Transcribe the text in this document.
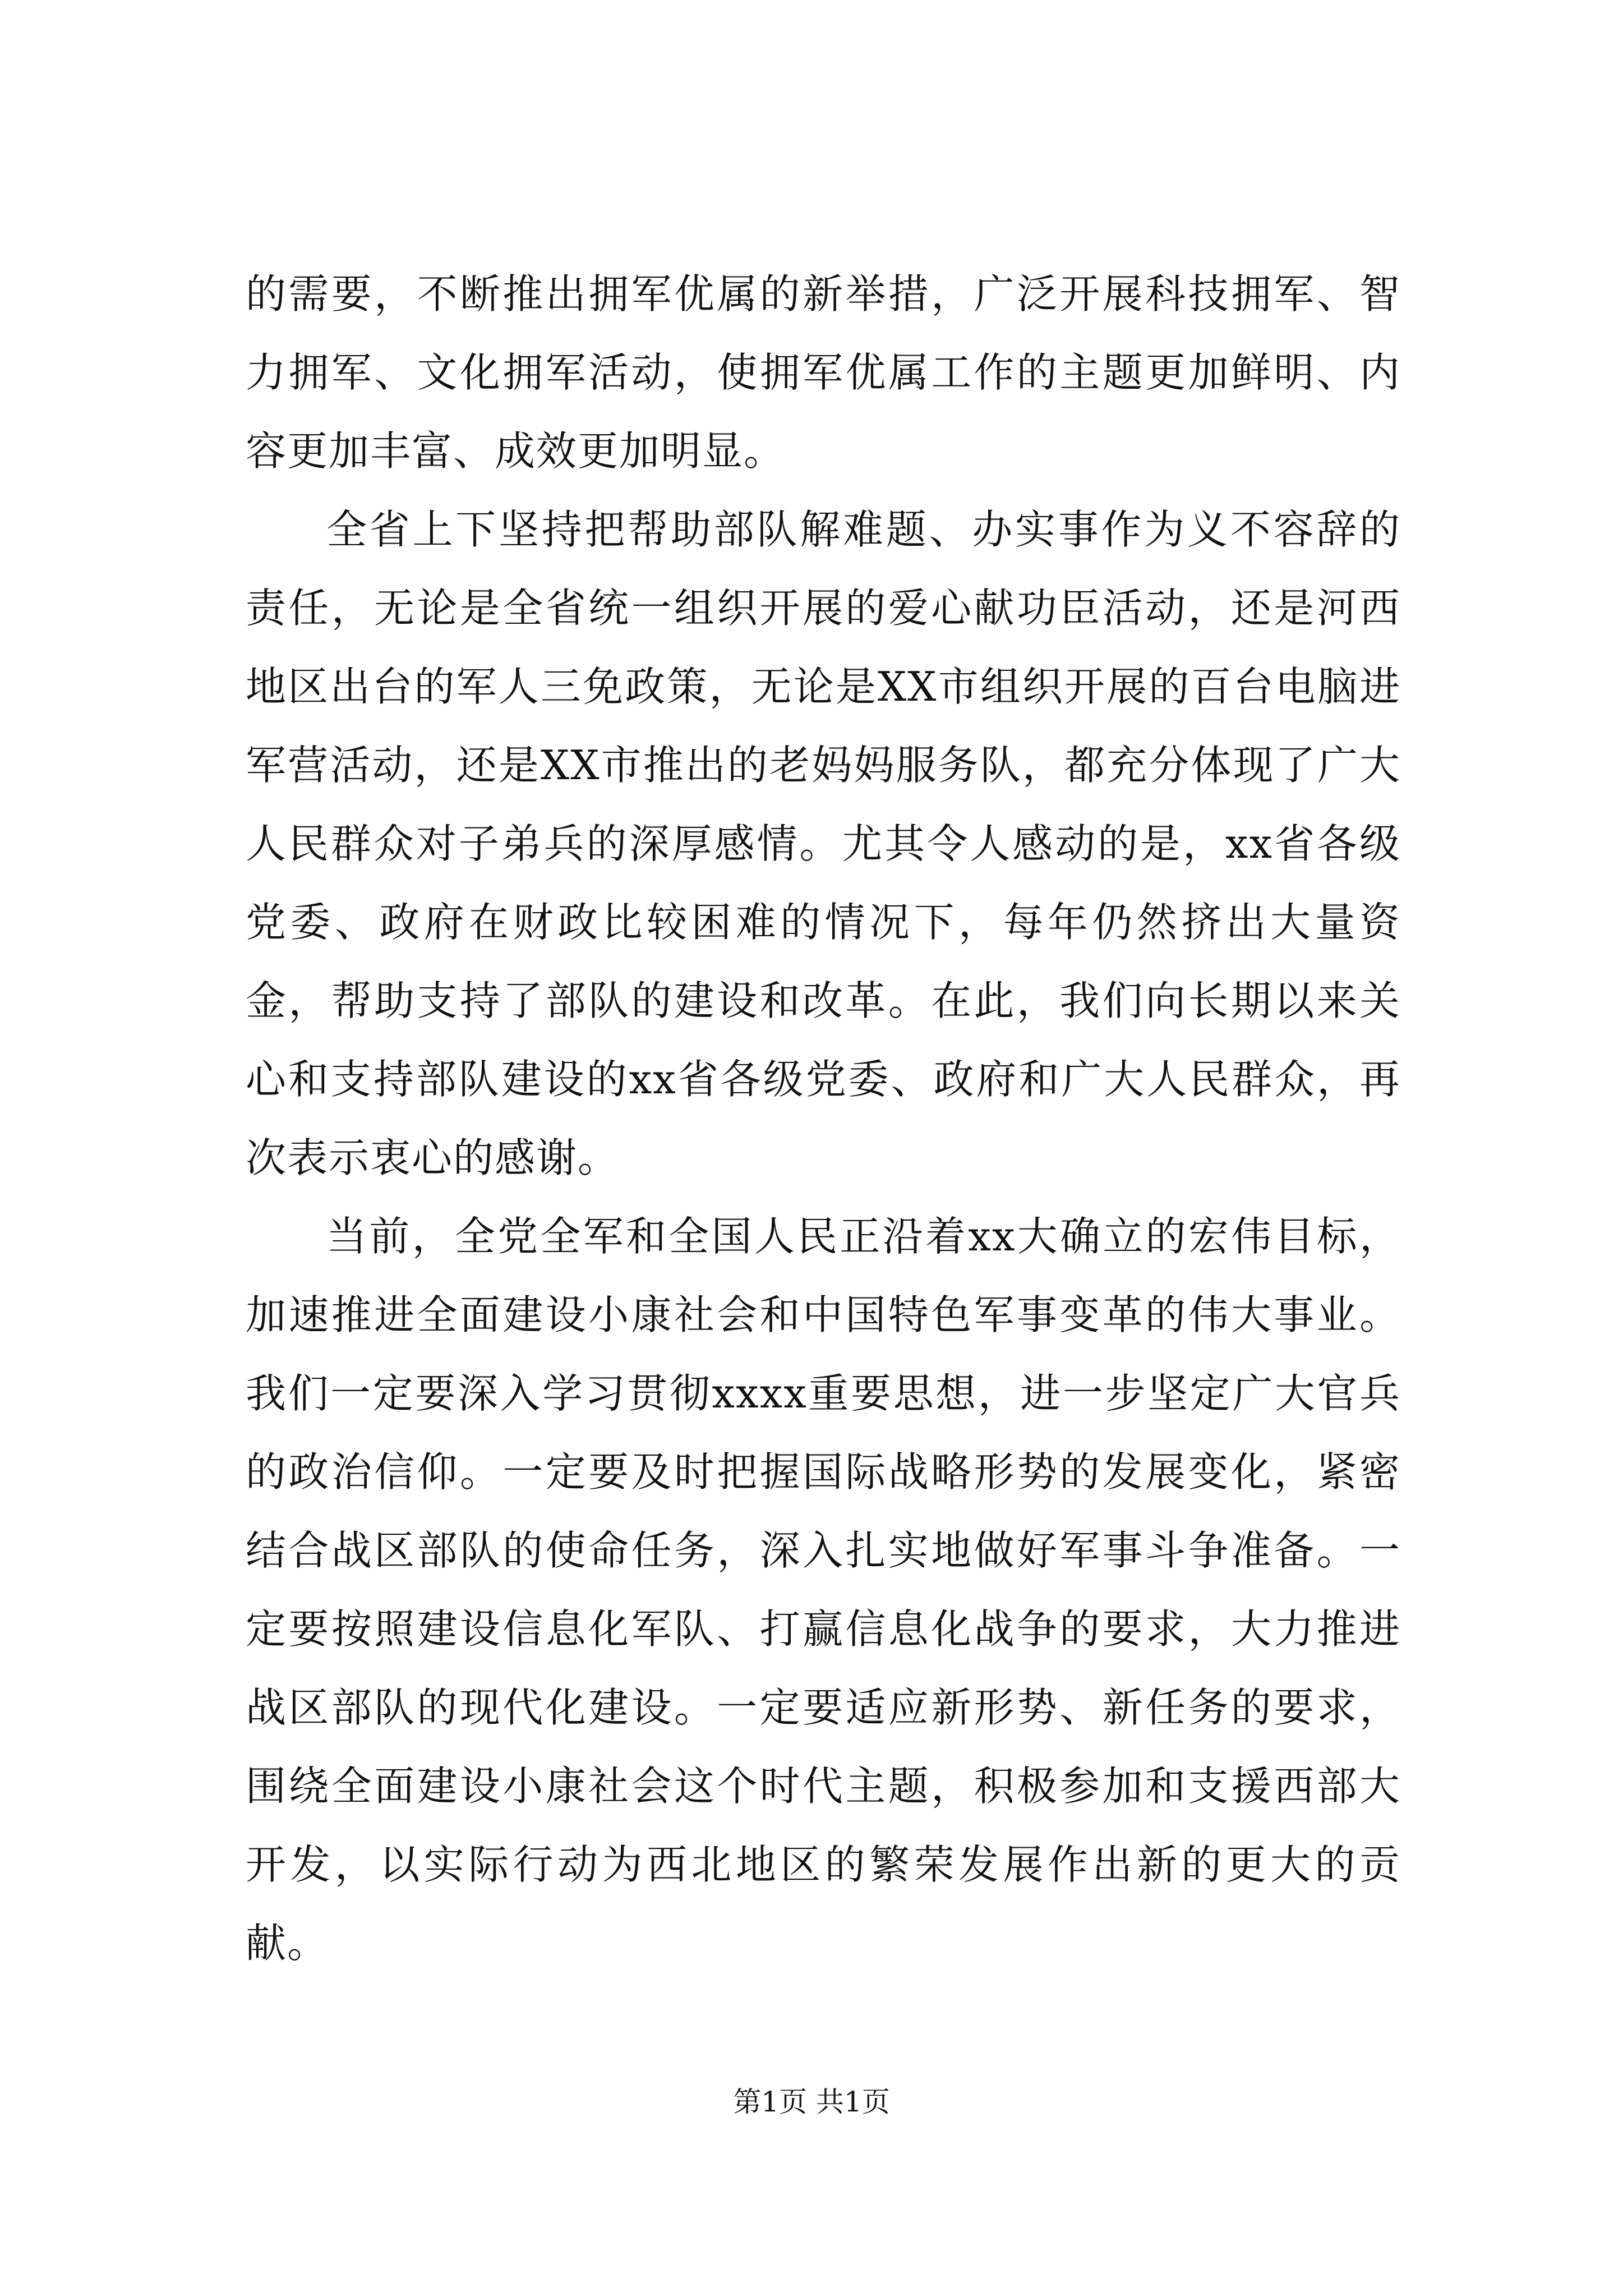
的需要，不断推出拥军优属的新举措，广泛开展科技拥军、智力拥军、文化拥军活动，使拥军优属工作的主题更加鲜明、内容更加丰富、成效更加明显。

全省上下坚持把帮助部队解难题、办实事作为义不容辞的责任，无论是全省统一组织开展的爱心献功臣活动，还是河西地区出台的军人三免政策，无论是XX市组织开展的百台电脑进军营活动，还是XX市推出的老妈妈服务队，都充分体现了广大人民群众对子弟兵的深厚感情。尤其令人感动的是，xx省各级党委、政府在财政比较困难的情况下，每年仍然挤出大量资金，帮助支持了部队的建设和改革。在此，我们向长期以来关心和支持部队建设的xx省各级党委、政府和广大人民群众，再次表示衷心的感谢。

当前，全党全军和全国人民正沿着xx大确立的宏伟目标，加速推进全面建设小康社会和中国特色军事变革的伟大事业。我们一定要深入学习贯彻xxxx重要思想，进一步坚定广大官兵的政治信仰。一定要及时把握国际战略形势的发展变化，紧密结合战区部队的使命任务，深入扎实地做好军事斗争准备。一定要按照建设信息化军队、打赢信息化战争的要求，大力推进战区部队的现代化建设。一定要适应新形势、新任务的要求，围绕全面建设小康社会这个时代主题，积极参加和支援西部大开发，以实际行动为西北地区的繁荣发展作出新的更大的贡献。

第1页 共1页
